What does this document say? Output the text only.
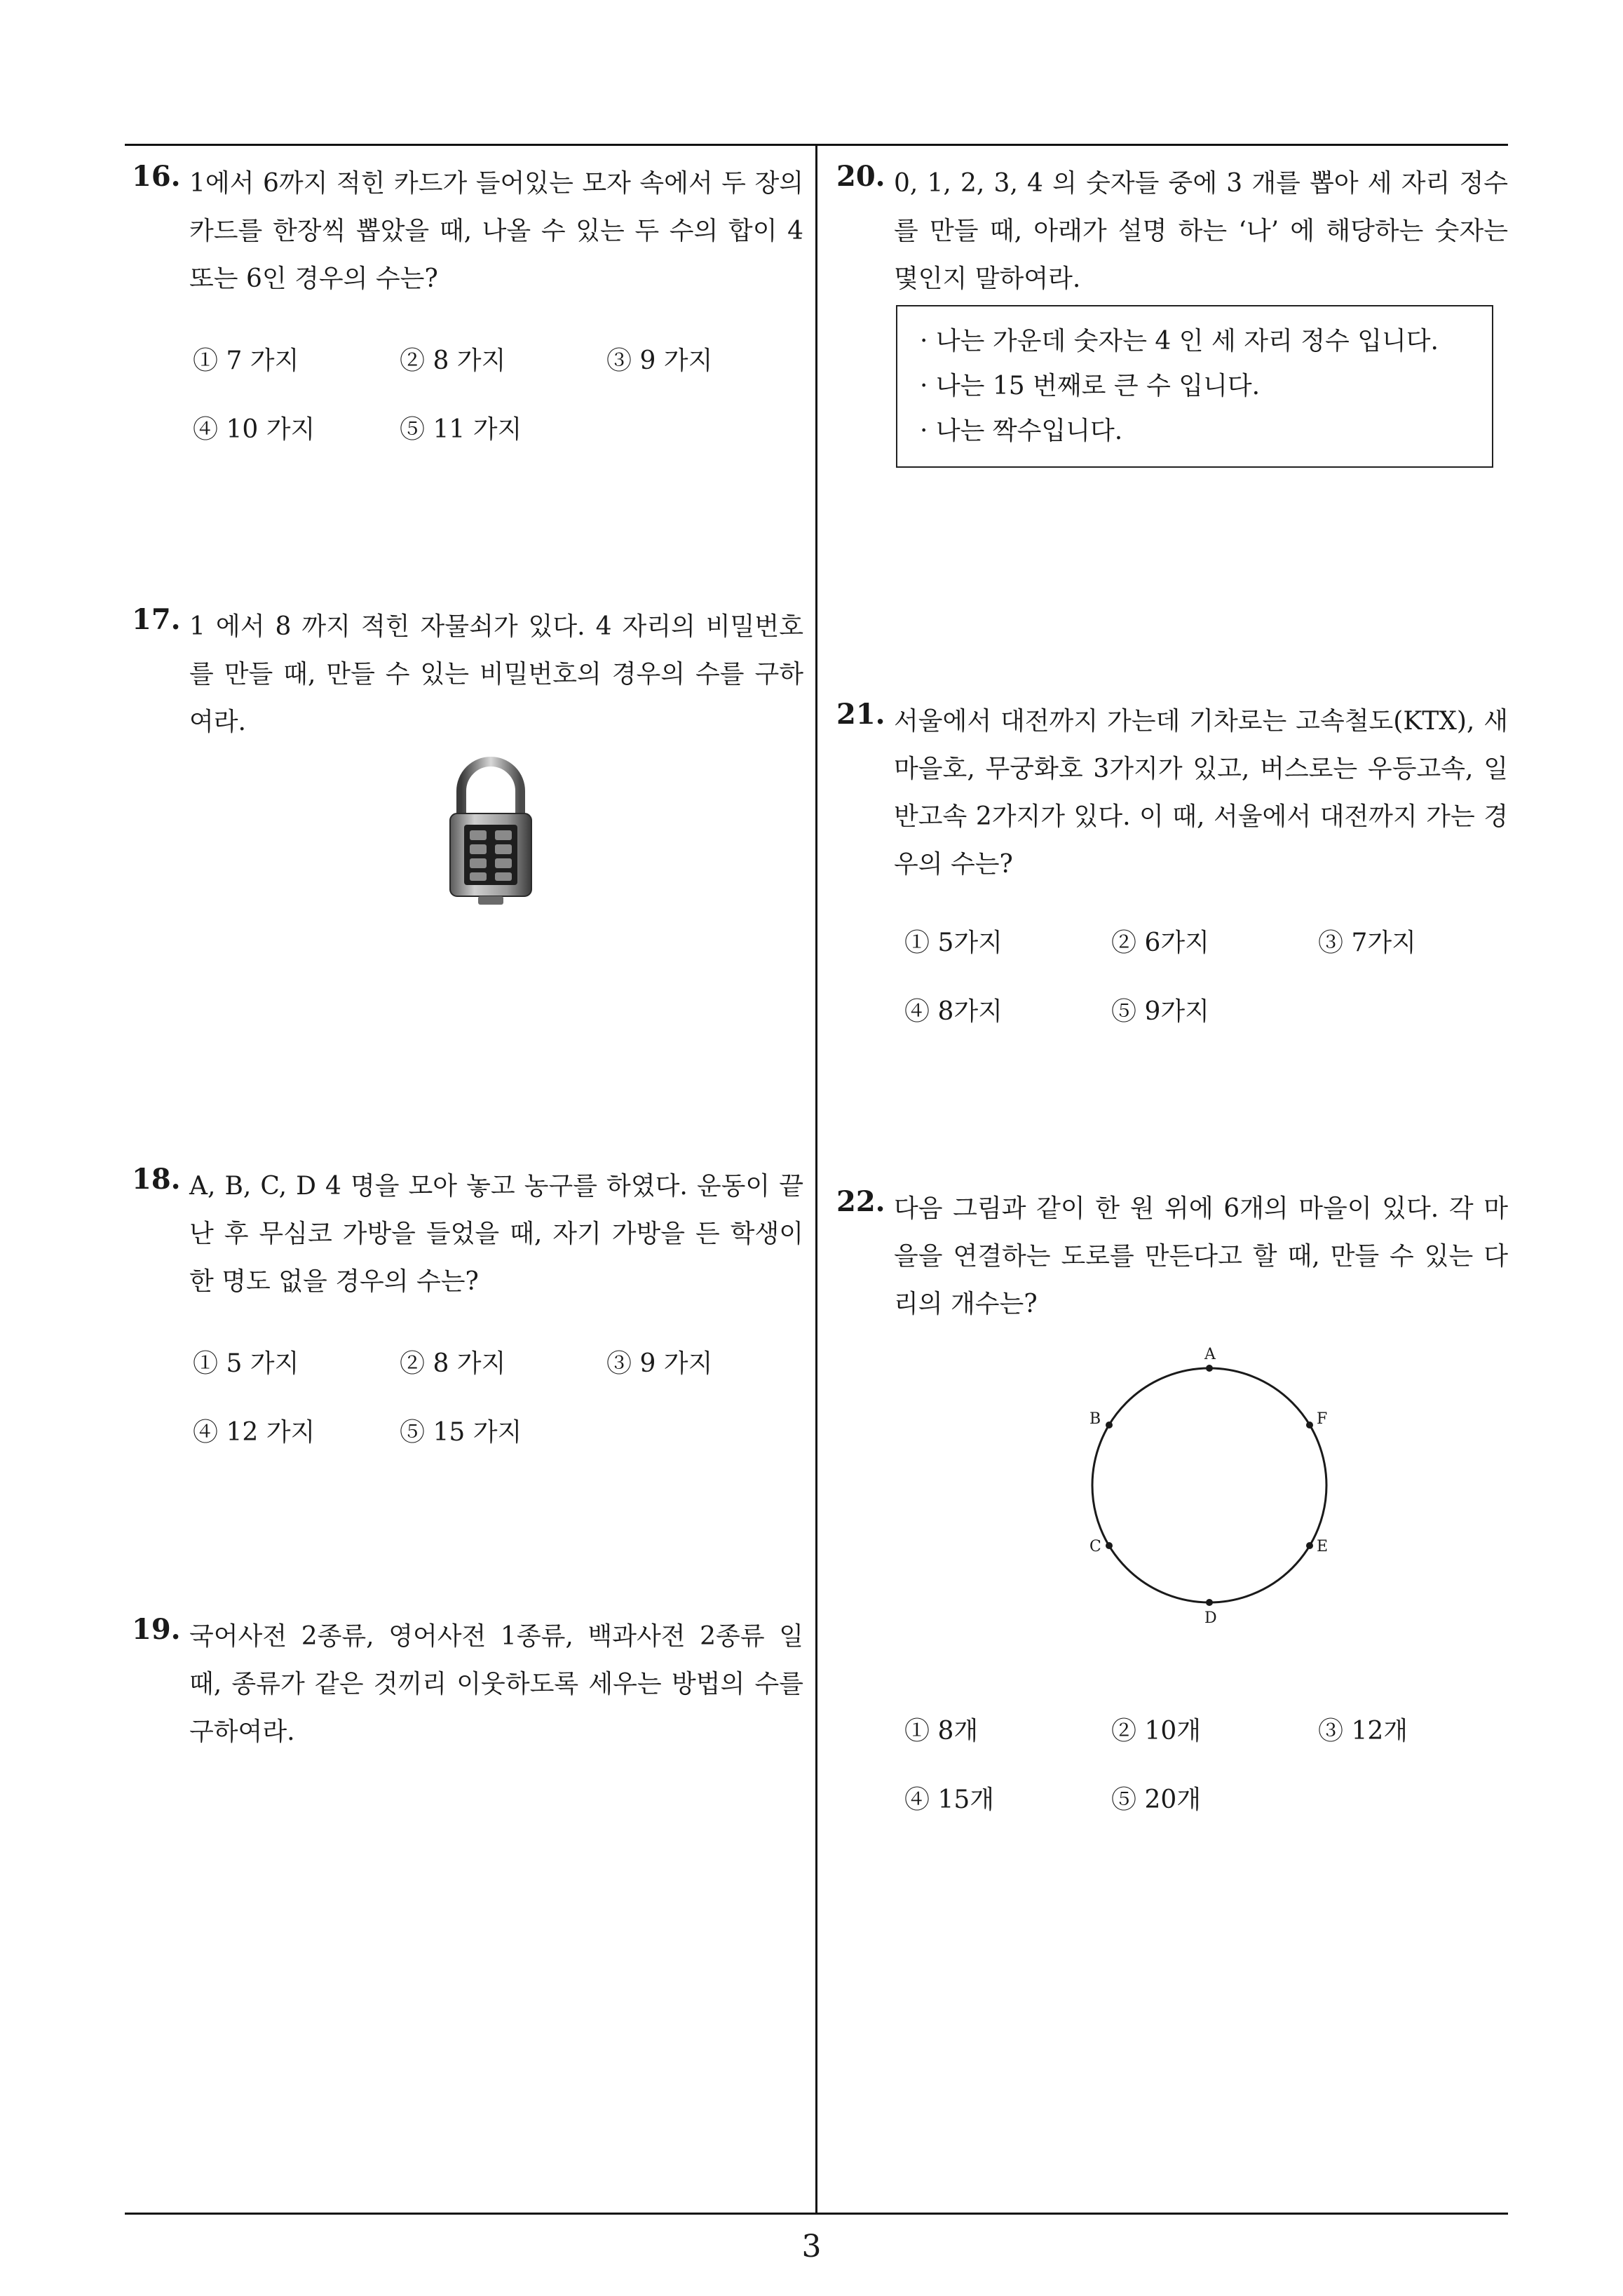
16. 1에서 6까지 적힌 카드가 들어있는 모자 속에서 두 장의 카드를 한장씩 뽑았을 때, 나올 수 있는 두 수의 합이 4 또는 6인 경우의 수는?
① 7 가지	② 8 가지	③ 9 가지
④ 10 가지	⑤ 11 가지
17. 1 에서 8 까지 적힌 자물쇠가 있다. 4 자리의 비밀번호를 만들 때, 만들 수 있는 비밀번호의 경우의 수를 구하여라.
18. A, B, C, D 4 명을 모아 놓고 농구를 하였다. 운동이 끝난 후 무심코 가방을 들었을 때, 자기 가방을 든 학생이 한 명도 없을 경우의 수는?
① 5 가지	② 8 가지	③ 9 가지
④ 12 가지	⑤ 15 가지
19. 국어사전 2종류, 영어사전 1종류, 백과사전 2종류 일 때, 종류가 같은 것끼리 이웃하도록 세우는 방법의 수를 구하여라.
20. 0, 1, 2, 3, 4 의 숫자들 중에 3 개를 뽑아 세 자리 정수를 만들 때, 아래가 설명 하는 ‘나’ 에 해당하는 숫자는 몇인지 말하여라.
· 나는 가운데 숫자는 4 인 세 자리 정수 입니다.
· 나는 15 번째로 큰 수 입니다.
· 나는 짝수입니다.
21. 서울에서 대전까지 가는데 기차로는 고속철도(KTX), 새마을호, 무궁화호 3가지가 있고, 버스로는 우등고속, 일반고속 2가지가 있다. 이 때, 서울에서 대전까지 가는 경우의 수는?
① 5가지	② 6가지	③ 7가지
④ 8가지	⑤ 9가지
22. 다음 그림과 같이 한 원 위에 6개의 마을이 있다. 각 마을을 연결하는 도로를 만든다고 할 때, 만들 수 있는 다리의 개수는?
A
B
C
D
E
F
① 8개	② 10개	③ 12개
④ 15개	⑤ 20개
3
